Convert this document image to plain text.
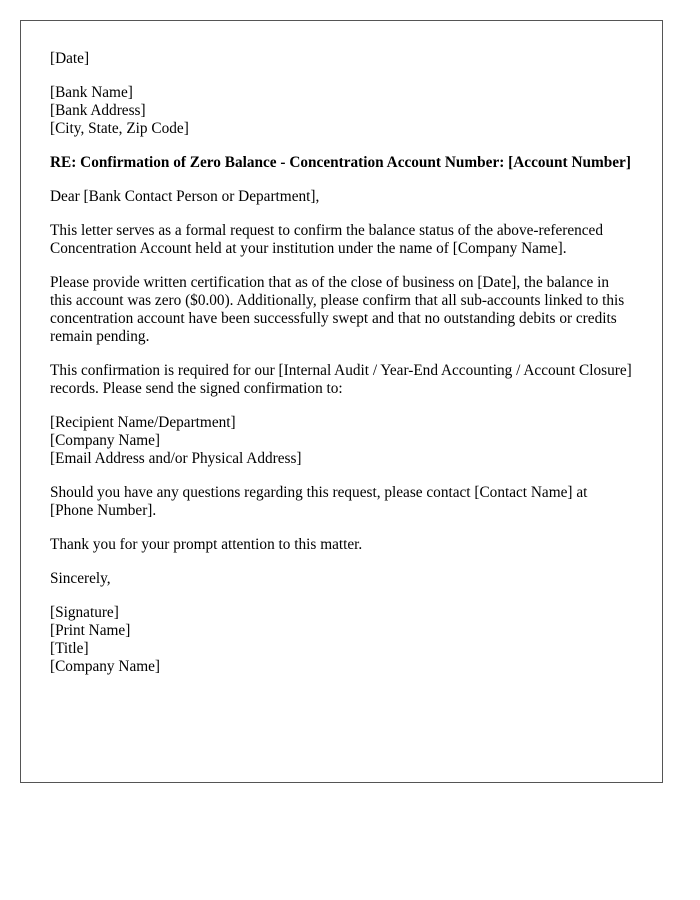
[Date]

[Bank Name]
[Bank Address]
[City, State, Zip Code]

RE: Confirmation of Zero Balance - Concentration Account Number: [Account Number]

Dear [Bank Contact Person or Department],

This letter serves as a formal request to confirm the balance status of the above-referenced Concentration Account held at your institution under the name of [Company Name].

Please provide written certification that as of the close of business on [Date], the balance in this account was zero ($0.00). Additionally, please confirm that all sub-accounts linked to this concentration account have been successfully swept and that no outstanding debits or credits remain pending.

This confirmation is required for our [Internal Audit / Year-End Accounting / Account Closure] records. Please send the signed confirmation to:

[Recipient Name/Department]
[Company Name]
[Email Address and/or Physical Address]

Should you have any questions regarding this request, please contact [Contact Name] at [Phone Number].

Thank you for your prompt attention to this matter.

Sincerely,

[Signature]
[Print Name]
[Title]
[Company Name]
